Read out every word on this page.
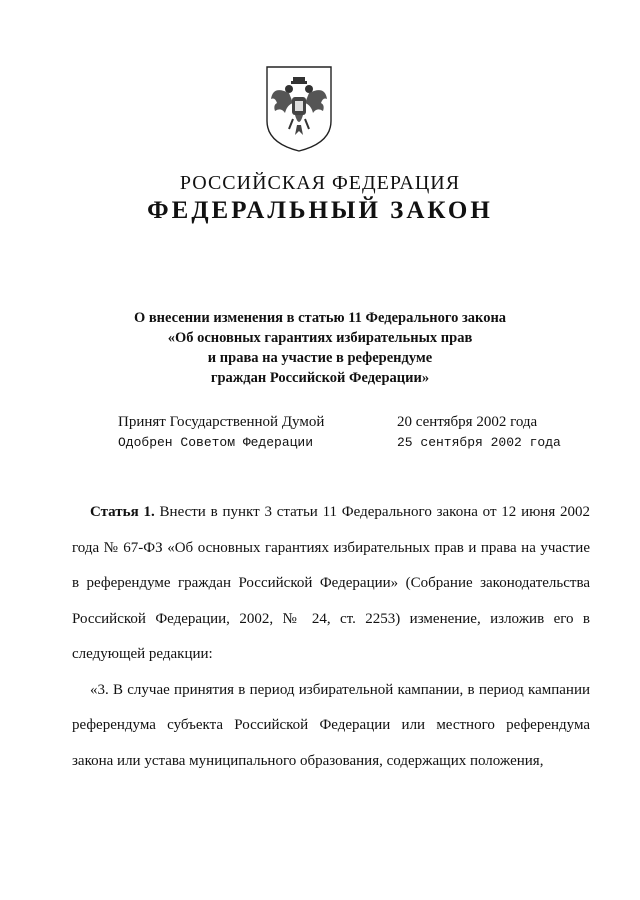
РОССИЙСКАЯ ФЕДЕРАЦИЯ
ФЕДЕРАЛЬНЫЙ ЗАКОН
О внесении изменения в статью 11 Федерального закона
«Об основных гарантиях избирательных прав
и права на участие в референдуме
граждан Российской Федерации»
Принят Государственной Думой	20 сентября 2002 года
Одобрен Советом Федерации	25 сентября 2002 года

Статья 1. Внести в пункт 3 статьи 11 Федерального закона от 12 июня 2002 года № 67-ФЗ «Об основных гарантиях избирательных прав и права на участие в референдуме граждан Российской Федерации» (Собрание законодательства Российской Федерации, 2002, № 24, ст. 2253) изменение, изложив его в следующей редакции:

«3. В случае принятия в период избирательной кампании, в период кампании референдума субъекта Российской Федерации или местного референдума закона или устава муниципального образования, содержащих положения,
